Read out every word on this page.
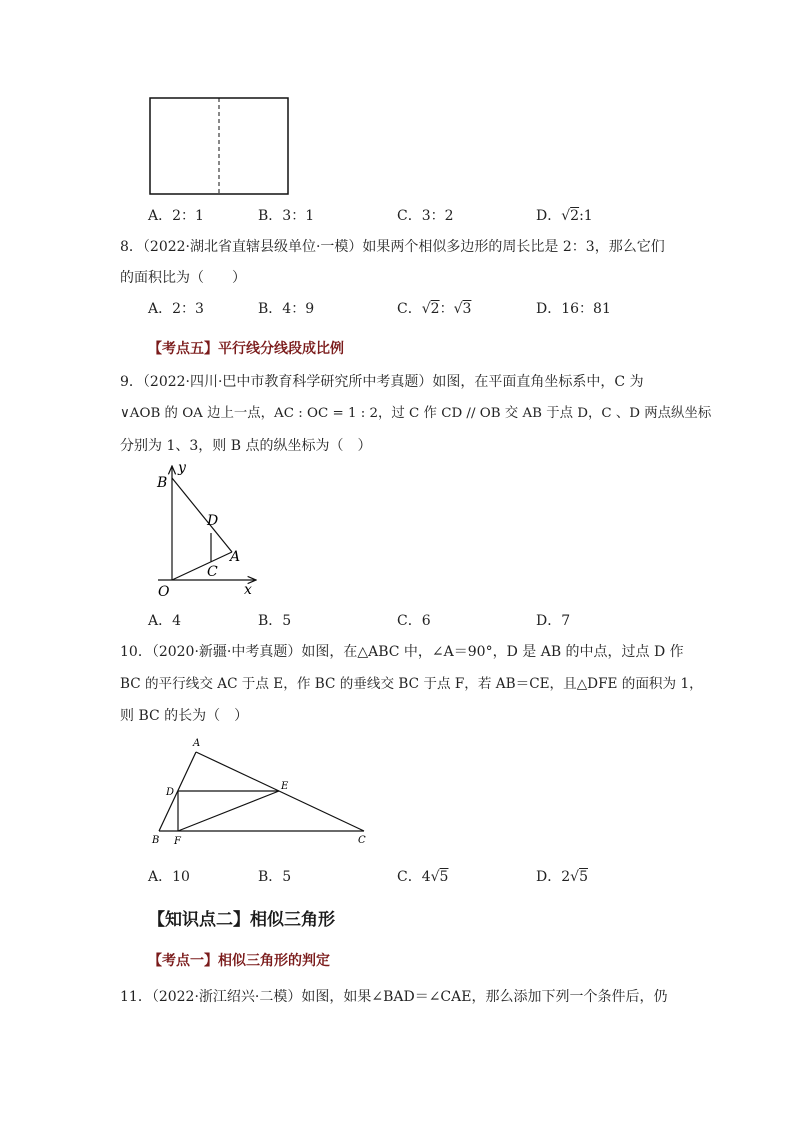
A．2：1	B．3：1	C．3：2	D．√2:1
8．（2022·湖北省直辖县级单位·一模）如果两个相似多边形的周长比是 2：3，那么它们
的面积比为（　　）
A．2：3	B．4：9	C．√2：√3	D．16：81
【考点五】平行线分线段成比例
9．（2022·四川·巴中市教育科学研究所中考真题）如图，在平面直角坐标系中，C 为
∨AOB 的 OA 边上一点，AC : OC = 1 : 2，过 C 作 CD // OB 交 AB 于点 D，C 、D 两点纵坐标
分别为 1、3，则 B 点的纵坐标为（　）
y
x
B
D
A
C
O
A．4	B．5	C．6	D．7
10．（2020·新疆·中考真题）如图，在△ABC 中，∠A＝90°，D 是 AB 的中点，过点 D 作
BC 的平行线交 AC 于点 E，作 BC 的垂线交 BC 于点 F，若 AB＝CE，且△DFE 的面积为 1，
则 BC 的长为（　）
A
D
E
B F	C
A．10	B．5	C．4√5	D．2√5
【知识点二】相似三角形
【考点一】相似三角形的判定
11．（2022·浙江绍兴·二模）如图，如果∠BAD＝∠CAE，那么添加下列一个条件后，仍
